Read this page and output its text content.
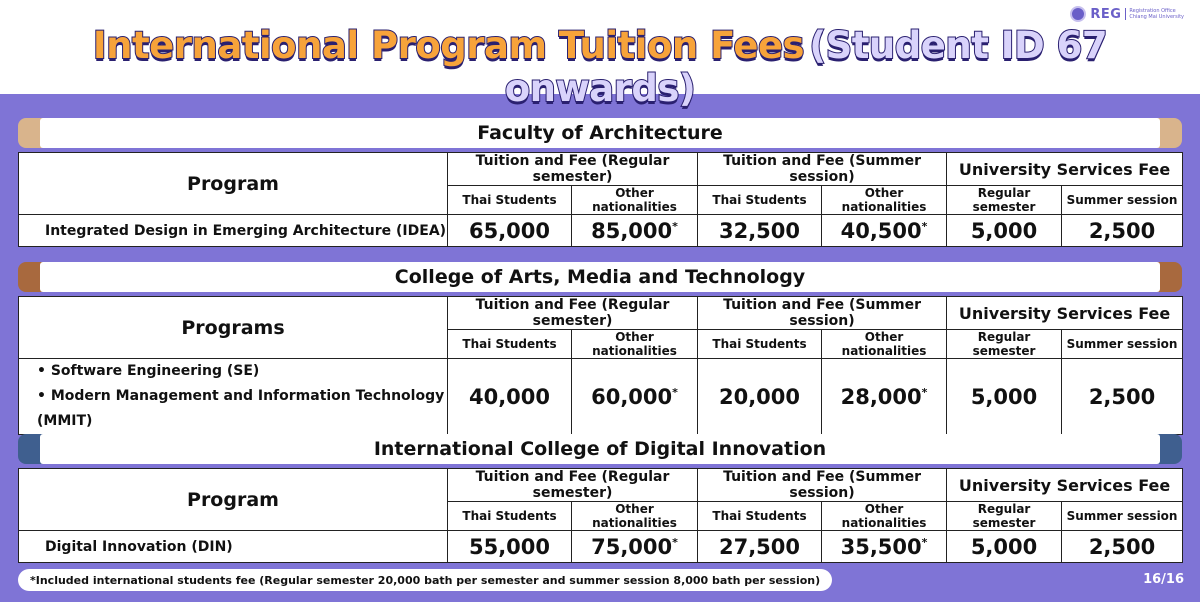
REG Registration Office
Chiang Mai University
International Program Tuition Fees (Student ID 67 onwards)
Faculty of Architecture
Program	Tuition and Fee (Regular semester)		Tuition and Fee (Summer session)		University Services Fee	
	Thai Students	Other nationalities	Thai Students	Other nationalities	Regular semester	Summer session
Integrated Design in Emerging Architecture (IDEA)	65,000	85,000*	32,500	40,500*	5,000	2,500
College of Arts, Media and Technology
Programs	Tuition and Fee (Regular semester)		Tuition and Fee (Summer session)		University Services Fee	
	Thai Students	Other nationalities	Thai Students	Other nationalities	Regular semester	Summer session

• Software Engineering (SE)
• Modern Management and Information Technology (MMIT)	40,000	60,000*	20,000	28,000*	5,000	2,500
International College of Digital Innovation
Program	Tuition and Fee (Regular semester)		Tuition and Fee (Summer session)		University Services Fee	
	Thai Students	Other nationalities	Thai Students	Other nationalities	Regular semester	Summer session
Digital Innovation (DIN)	55,000	75,000*	27,500	35,500*	5,000	2,500
*Included international students fee (Regular semester 20,000 bath per semester and summer session 8,000 bath per session)	16/16
